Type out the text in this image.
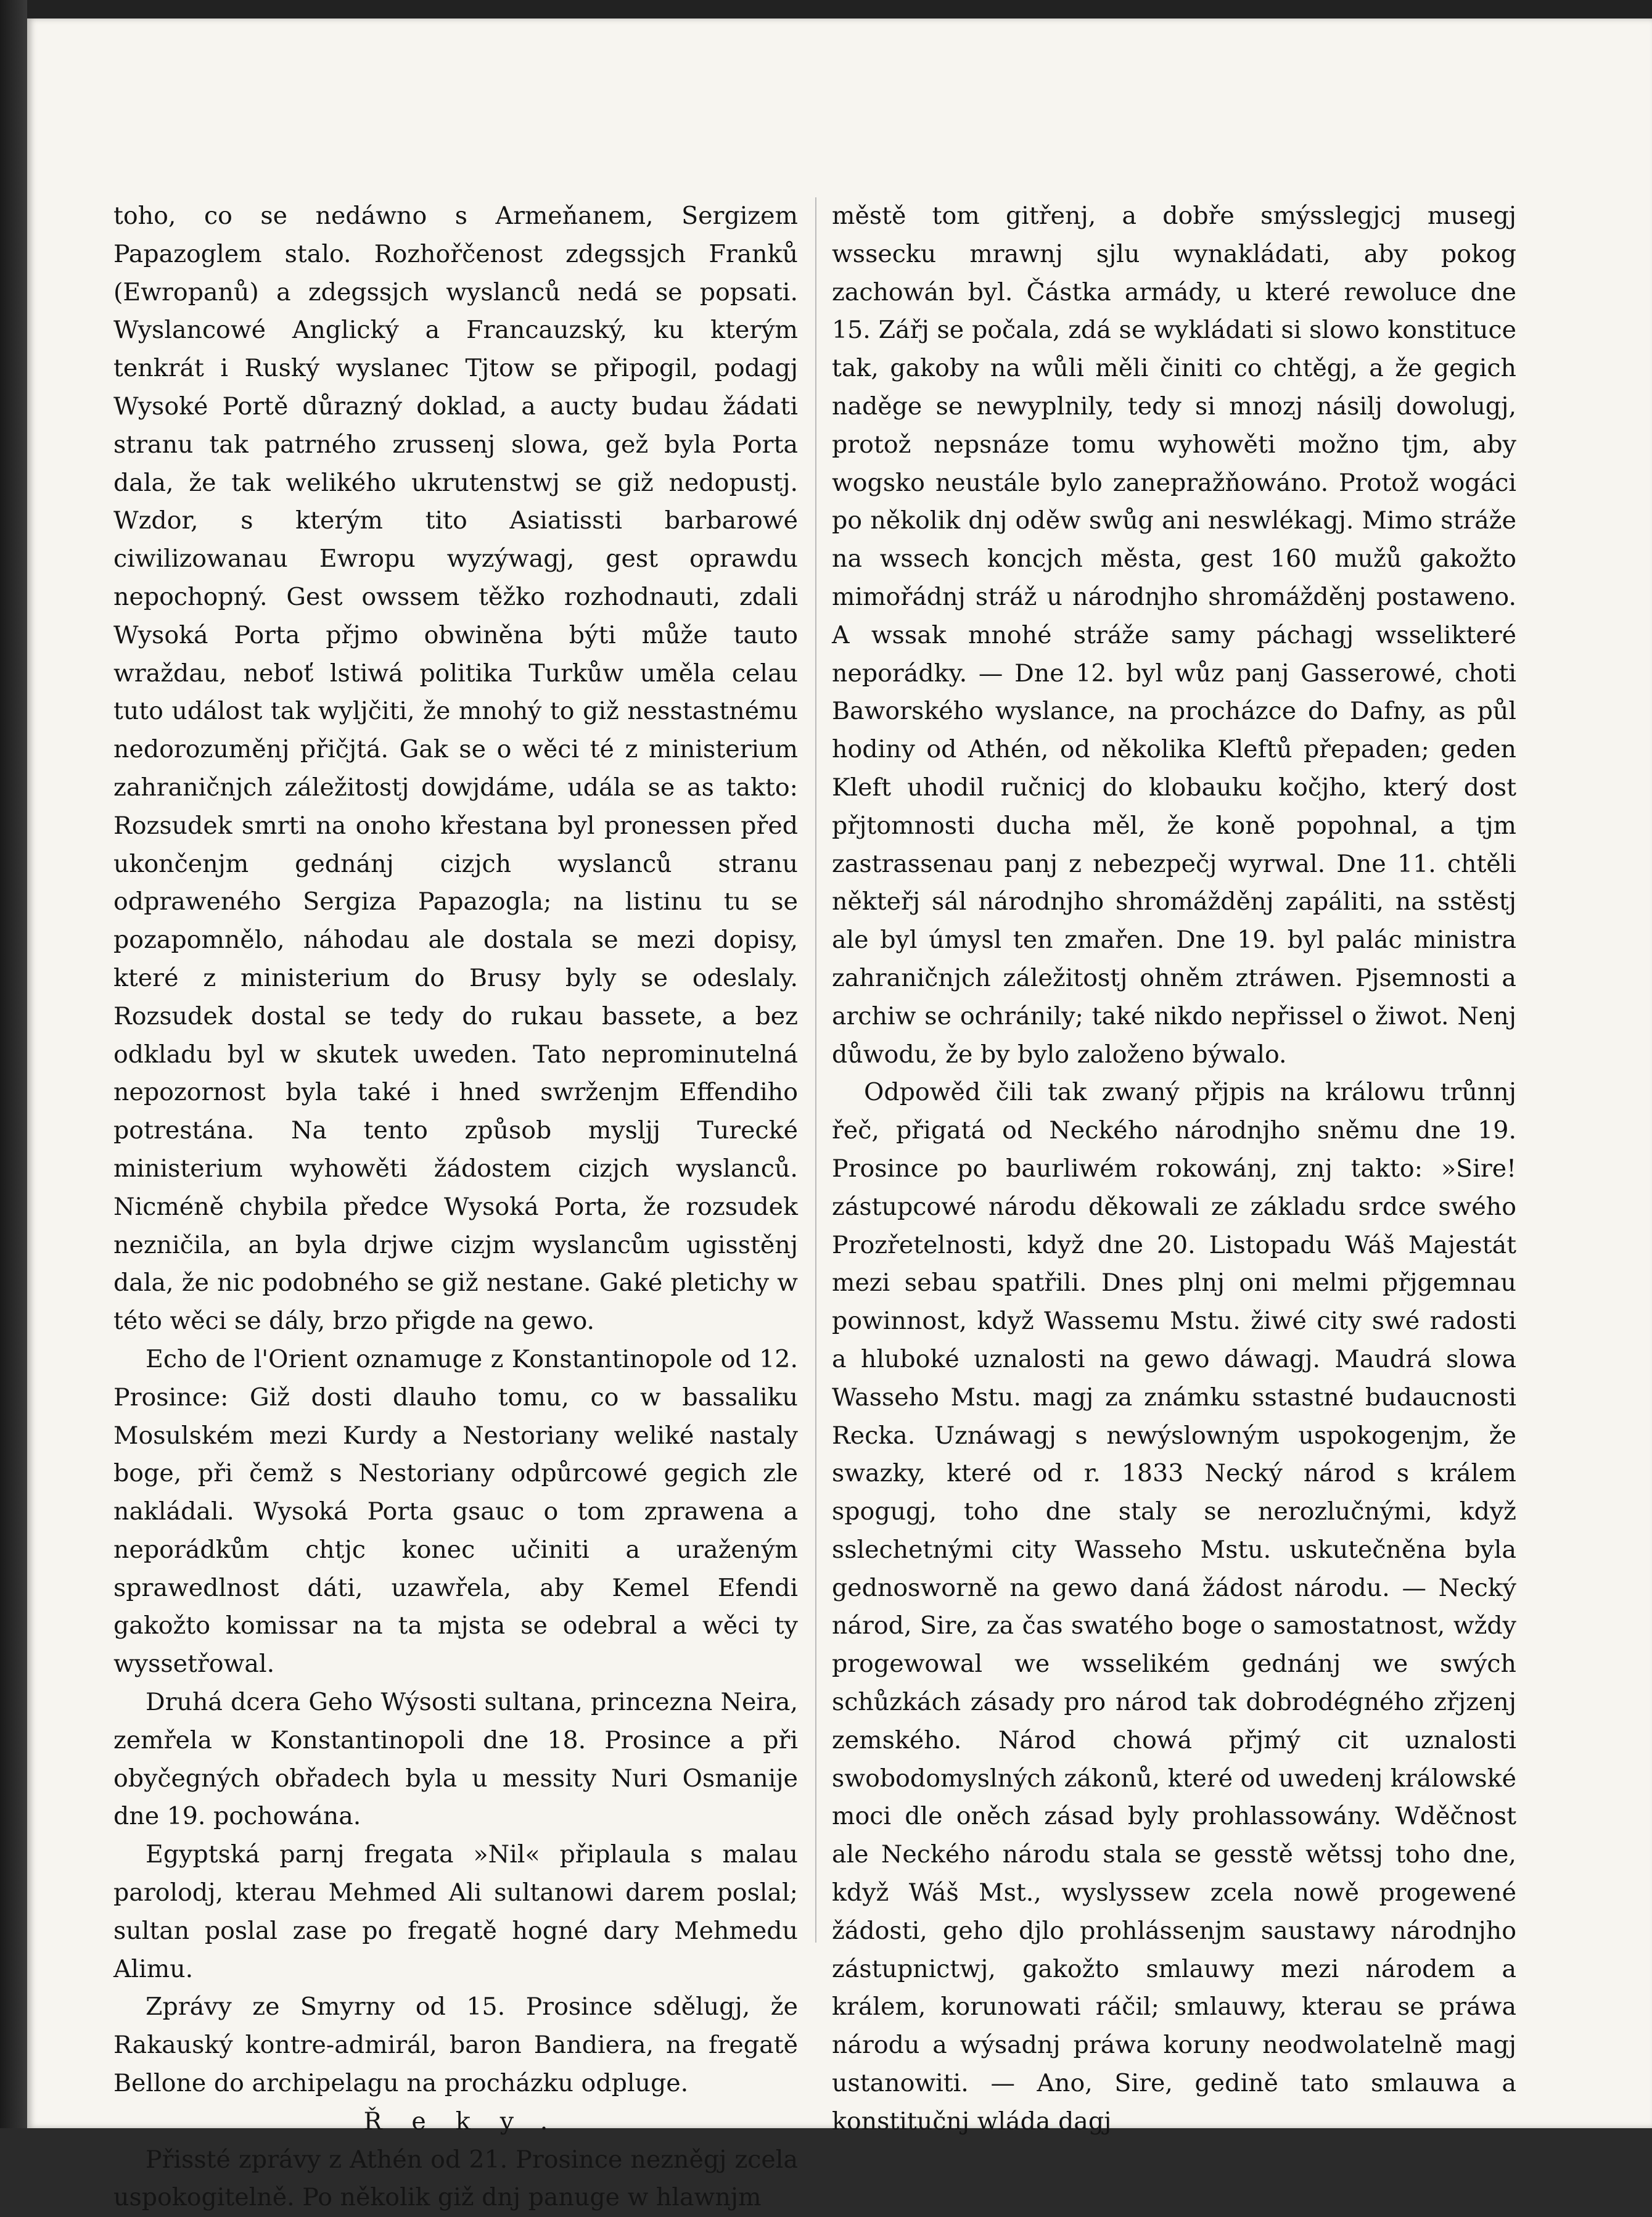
toho, co se nedáwno s Armeňanem, Sergizem Papazoglem stalo. Rozhořčenost zdegssjch Franků (Ewropanů) a zdegssjch wyslanců nedá se popsati. Wyslancowé Anglický a Francauzský, ku kterým tenkrát i Ruský wyslanec Tjtow se připogil, podagj Wysoké Portě důrazný doklad, a aucty budau žádati stranu tak patrného zrussenj slowa, gež byla Porta dala, že tak welikého ukrutenstwj se giž nedopustj. Wzdor, s kterým tito Asiatissti barbarowé ciwilizowanau Ewropu wyzýwagj, gest oprawdu nepochopný. Gest owssem těžko rozhodnauti, zdali Wysoká Porta přjmo obwiněna býti může tauto wraždau, neboť lstiwá politika Turkůw uměla celau tuto událost tak wyljčiti, že mnohý to giž nesstastnému nedorozuměnj přičjtá. Gak se o wěci té z ministerium zahraničnjch záležitostj dowjdáme, udála se as takto: Rozsudek smrti na onoho křestana byl pronessen před ukončenjm gednánj cizjch wyslanců stranu odpraweného Sergiza Papazogla; na listinu tu se pozapomnělo, náhodau ale dostala se mezi dopisy, které z ministerium do Brusy byly se odeslaly. Rozsudek dostal se tedy do rukau bassete, a bez odkladu byl w skutek uweden. Tato neprominutelná nepozornost byla také i hned swrženjm Effendiho potrestána. Na tento způsob mysljj Turecké ministerium wyhowěti žádostem cizjch wyslanců. Nicméně chybila předce Wysoká Porta, že rozsudek nezničila, an byla drjwe cizjm wyslancům ugisstěnj dala, že nic podobného se giž nestane. Gaké pletichy w této wěci se dály, brzo přigde na gewo.

Echo de l'Orient oznamuge z Konstantinopole od 12. Prosince: Giž dosti dlauho tomu, co w bassaliku Mosulském mezi Kurdy a Nestoriany weliké nastaly boge, při čemž s Nestoriany odpůrcowé gegich zle nakládali. Wysoká Porta gsauc o tom zprawena a neporádkům chtjc konec učiniti a uraženým sprawedlnost dáti, uzawřela, aby Kemel Efendi gakožto komissar na ta mjsta se odebral a wěci ty wyssetřowal.

Druhá dcera Geho Wýsosti sultana, princezna Neira, zemřela w Konstantinopoli dne 18. Prosince a při obyčegných obřadech byla u messity Nuri Osmanije dne 19. pochowána.

Egyptská parnj fregata »Nil« připlaula s malau parolodj, kterau Mehmed Ali sultanowi darem poslal; sultan poslal zase po fregatě hogné dary Mehmedu Alimu.

Zprávy ze Smyrny od 15. Prosince sdělugj, že Rakauský kontre-admirál, baron Bandiera, na fregatě Bellone do archipelagu na procházku odpluge.

Řeky.

Přissté zprávy z Athén od 21. Prosince nezněgj zcela uspokogitelně. Po několik giž dnj panuge w hlawnjm

městě tom gitřenj, a dobře smýsslegjcj musegj wssecku mrawnj sjlu wynakládati, aby pokog zachowán byl. Částka armády, u které rewoluce dne 15. Zářj se počala, zdá se wykládati si slowo konstituce tak, gakoby na wůli měli činiti co chtěgj, a že gegich naděge se newyplnily, tedy si mnozj násilj dowolugj, protož nepsnáze tomu wyhowěti možno tjm, aby wogsko neustále bylo zanepražňowáno. Protož wogáci po několik dnj oděw swůg ani neswlékagj. Mimo stráže na wssech koncjch města, gest 160 mužů gakožto mimořádnj stráž u národnjho shromážděnj postaweno. A wssak mnohé stráže samy páchagj wsselikteré neporádky. — Dne 12. byl wůz panj Gasserowé, choti Baworského wyslance, na procházce do Dafny, as půl hodiny od Athén, od několika Kleftů přepaden; geden Kleft uhodil ručnicj do klobauku kočjho, který dost přjtomnosti ducha měl, že koně popohnal, a tjm zastrassenau panj z nebezpečj wyrwal. Dne 11. chtěli někteřj sál národnjho shromážděnj zapáliti, na sstěstj ale byl úmysl ten zmařen. Dne 19. byl palác ministra zahraničnjch záležitostj ohněm ztráwen. Pjsemnosti a archiw se ochránily; také nikdo nepřissel o žiwot. Nenj důwodu, že by bylo založeno býwalo.

Odpowěd čili tak zwaný přjpis na králowu trůnnj řeč, přigatá od Neckého národnjho sněmu dne 19. Prosince po baurliwém rokowánj, znj takto: »Sire! zástupcowé národu děkowali ze základu srdce swého Prozřetelnosti, když dne 20. Listopadu Wáš Majestát mezi sebau spatřili. Dnes plnj oni melmi přjgemnau powinnost, když Wassemu Mstu. žiwé city swé radosti a hluboké uznalosti na gewo dáwagj. Maudrá slowa Wasseho Mstu. magj za známku sstastné budaucnosti Recka. Uznáwagj s newýslowným uspokogenjm, že swazky, které od r. 1833 Necký národ s králem spogugj, toho dne staly se nerozlučnými, když sslechetnými city Wasseho Mstu. uskutečněna byla gednosworně na gewo daná žádost národu. — Necký národ, Sire, za čas swatého boge o samostatnost, wždy progewowal we wsselikém gednánj we swých schůzkách zásady pro národ tak dobrodégného zřjzenj zemského. Národ chowá přjmý cit uznalosti swobodomyslných zákonů, které od uwedenj králowské moci dle oněch zásad byly prohlassowány. Wděčnost ale Neckého národu stala se gesstě wětssj toho dne, když Wáš Mst., wyslyssew zcela nowě progewené žádosti, geho djlo prohlássenjm saustawy národnjho zástupnictwj, gakožto smlauwy mezi národem a králem, korunowati ráčil; smlauwy, kterau se práwa národu a wýsadnj práwa koruny neodwolatelně magj ustanowiti. — Ano, Sire, gedině tato smlauwa a konstitučnj wláda dagj
